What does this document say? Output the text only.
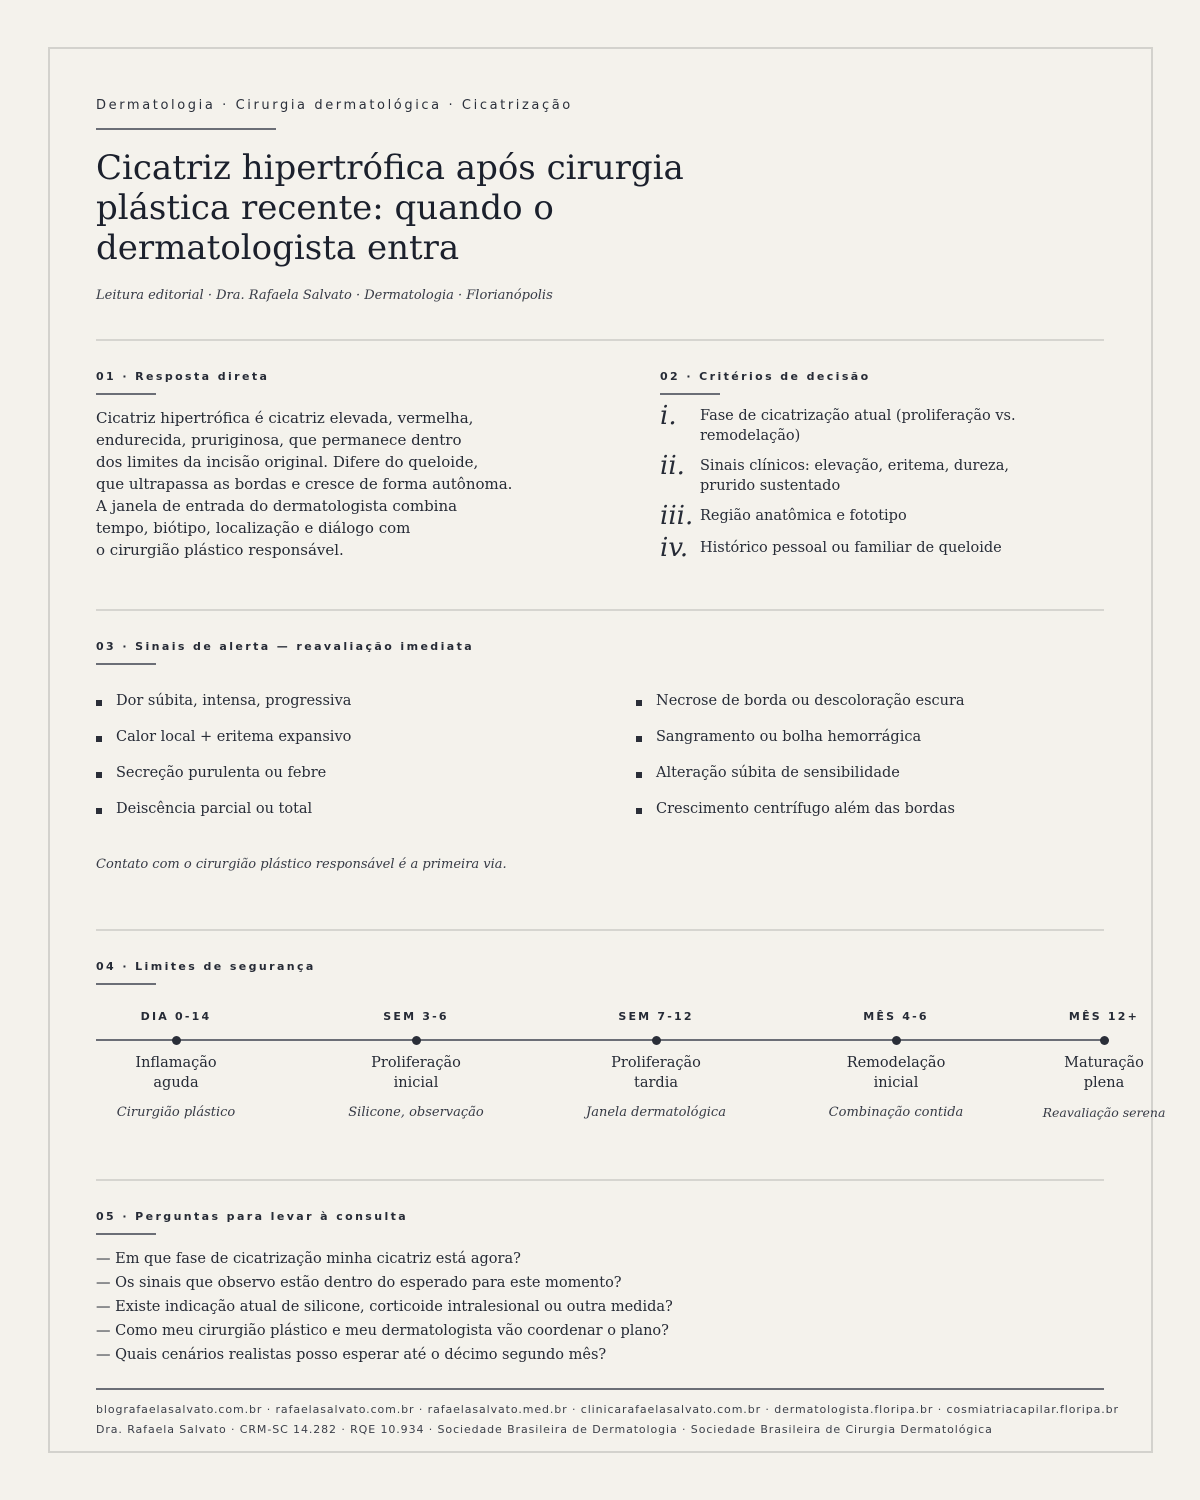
Dermatologia · Cirurgia dermatológica · Cicatrização
Cicatriz hipertrófica após cirurgia plástica recente: quando o dermatologista entra
Leitura editorial · Dra. Rafaela Salvato · Dermatologia · Florianópolis
01 · Resposta direta
Cicatriz hipertrófica é cicatriz elevada, vermelha,
endurecida, pruriginosa, que permanece dentro
dos limites da incisão original. Difere do queloide,
que ultrapassa as bordas e cresce de forma autônoma.
A janela de entrada do dermatologista combina
tempo, biótipo, localização e diálogo com
o cirurgião plástico responsável.
02 · Critérios de decisão
i. Fase de cicatrização atual (proliferação vs. remodelação)
ii. Sinais clínicos: elevação, eritema, dureza, prurido sustentado
iii. Região anatômica e fototipo
iv. Histórico pessoal ou familiar de queloide
03 · Sinais de alerta — reavaliação imediata
Dor súbita, intensa, progressiva
Calor local + eritema expansivo
Secreção purulenta ou febre
Deiscência parcial ou total
Necrose de borda ou descoloração escura
Sangramento ou bolha hemorrágica
Alteração súbita de sensibilidade
Crescimento centrífugo além das bordas
Contato com o cirurgião plástico responsável é a primeira via.
04 · Limites de segurança
DIA 0-14
Inflamação
aguda
Cirurgião plástico
SEM 3-6
Proliferação
inicial
Silicone, observação
SEM 7-12
Proliferação
tardia
Janela dermatológica
MÊS 4-6
Remodelação
inicial
Combinação contida
MÊS 12+
Maturação
plena
Reavaliação serena
05 · Perguntas para levar à consulta
— Em que fase de cicatrização minha cicatriz está agora?
— Os sinais que observo estão dentro do esperado para este momento?
— Existe indicação atual de silicone, corticoide intralesional ou outra medida?
— Como meu cirurgião plástico e meu dermatologista vão coordenar o plano?
— Quais cenários realistas posso esperar até o décimo segundo mês?
blografaelasalvato.com.br · rafaelasalvato.com.br · rafaelasalvato.med.br · clinicarafaelasalvato.com.br · dermatologista.floripa.br · cosmiatriacapilar.floripa.br
Dra. Rafaela Salvato · CRM-SC 14.282 · RQE 10.934 · Sociedade Brasileira de Dermatologia · Sociedade Brasileira de Cirurgia Dermatológica
